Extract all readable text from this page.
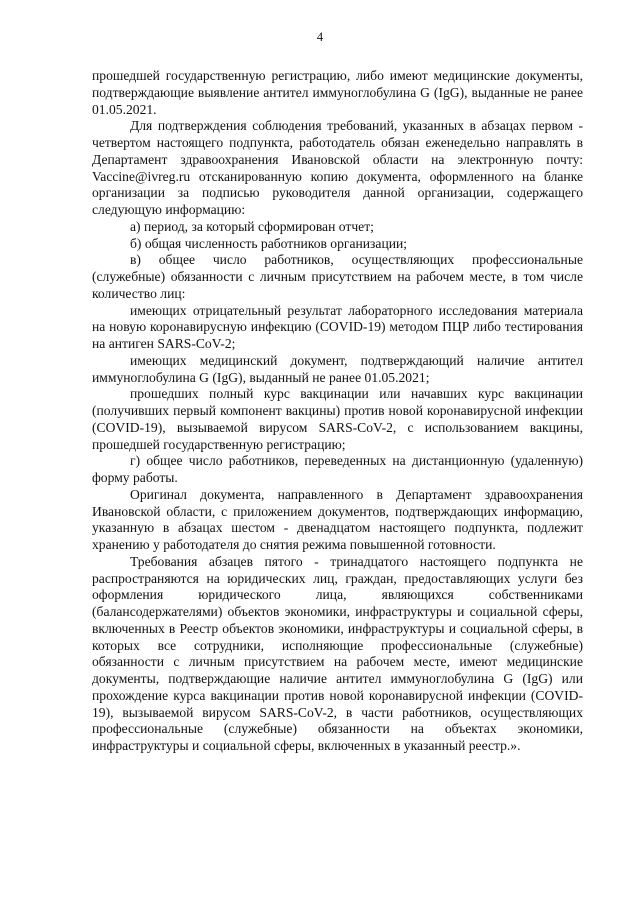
4

прошедшей государственную регистрацию, либо имеют медицинские документы, подтверждающие выявление антител иммуноглобулина G (IgG), выданные не ранее 01.05.2021.

Для подтверждения соблюдения требований, указанных в абзацах первом - четвертом настоящего подпункта, работодатель обязан еженедельно направлять в Департамент здравоохранения Ивановской области на электронную почту: Vaccine@ivreg.ru отсканированную копию документа, оформленного на бланке организации за подписью руководителя данной организации, содержащего следующую информацию:

а) период, за который сформирован отчет;

б) общая численность работников организации;

в) общее число работников, осуществляющих профессиональные (служебные) обязанности с личным присутствием на рабочем месте, в том числе количество лиц:

имеющих отрицательный результат лабораторного исследования материала на новую коронавирусную инфекцию (COVID-19) методом ПЦР либо тестирования на антиген SARS-CoV-2;

имеющих медицинский документ, подтверждающий наличие антител иммуноглобулина G (IgG), выданный не ранее 01.05.2021;

прошедших полный курс вакцинации или начавших курс вакцинации (получивших первый компонент вакцины) против новой коронавирусной инфекции (COVID-19), вызываемой вирусом SARS-CoV-2, с использованием вакцины, прошедшей государственную регистрацию;

г) общее число работников, переведенных на дистанционную (удаленную) форму работы.

Оригинал документа, направленного в Департамент здравоохранения Ивановской области, с приложением документов, подтверждающих информацию, указанную в абзацах шестом - двенадцатом настоящего подпункта, подлежит хранению у работодателя до снятия режима повышенной готовности.

Требования абзацев пятого - тринадцатого настоящего подпункта не распространяются на юридических лиц, граждан, предоставляющих услуги без оформления юридического лица, являющихся собственниками (балансодержателями) объектов экономики, инфраструктуры и социальной сферы, включенных в Реестр объектов экономики, инфраструктуры и социальной сферы, в которых все сотрудники, исполняющие профессиональные (служебные) обязанности с личным присутствием на рабочем месте, имеют медицинские документы, подтверждающие наличие антител иммуноглобулина G (IgG) или прохождение курса вакцинации против новой коронавирусной инфекции (COVID-19), вызываемой вирусом SARS-CoV-2, в части работников, осуществляющих профессиональные (служебные) обязанности на объектах экономики, инфраструктуры и социальной сферы, включенных в указанный реестр.».
